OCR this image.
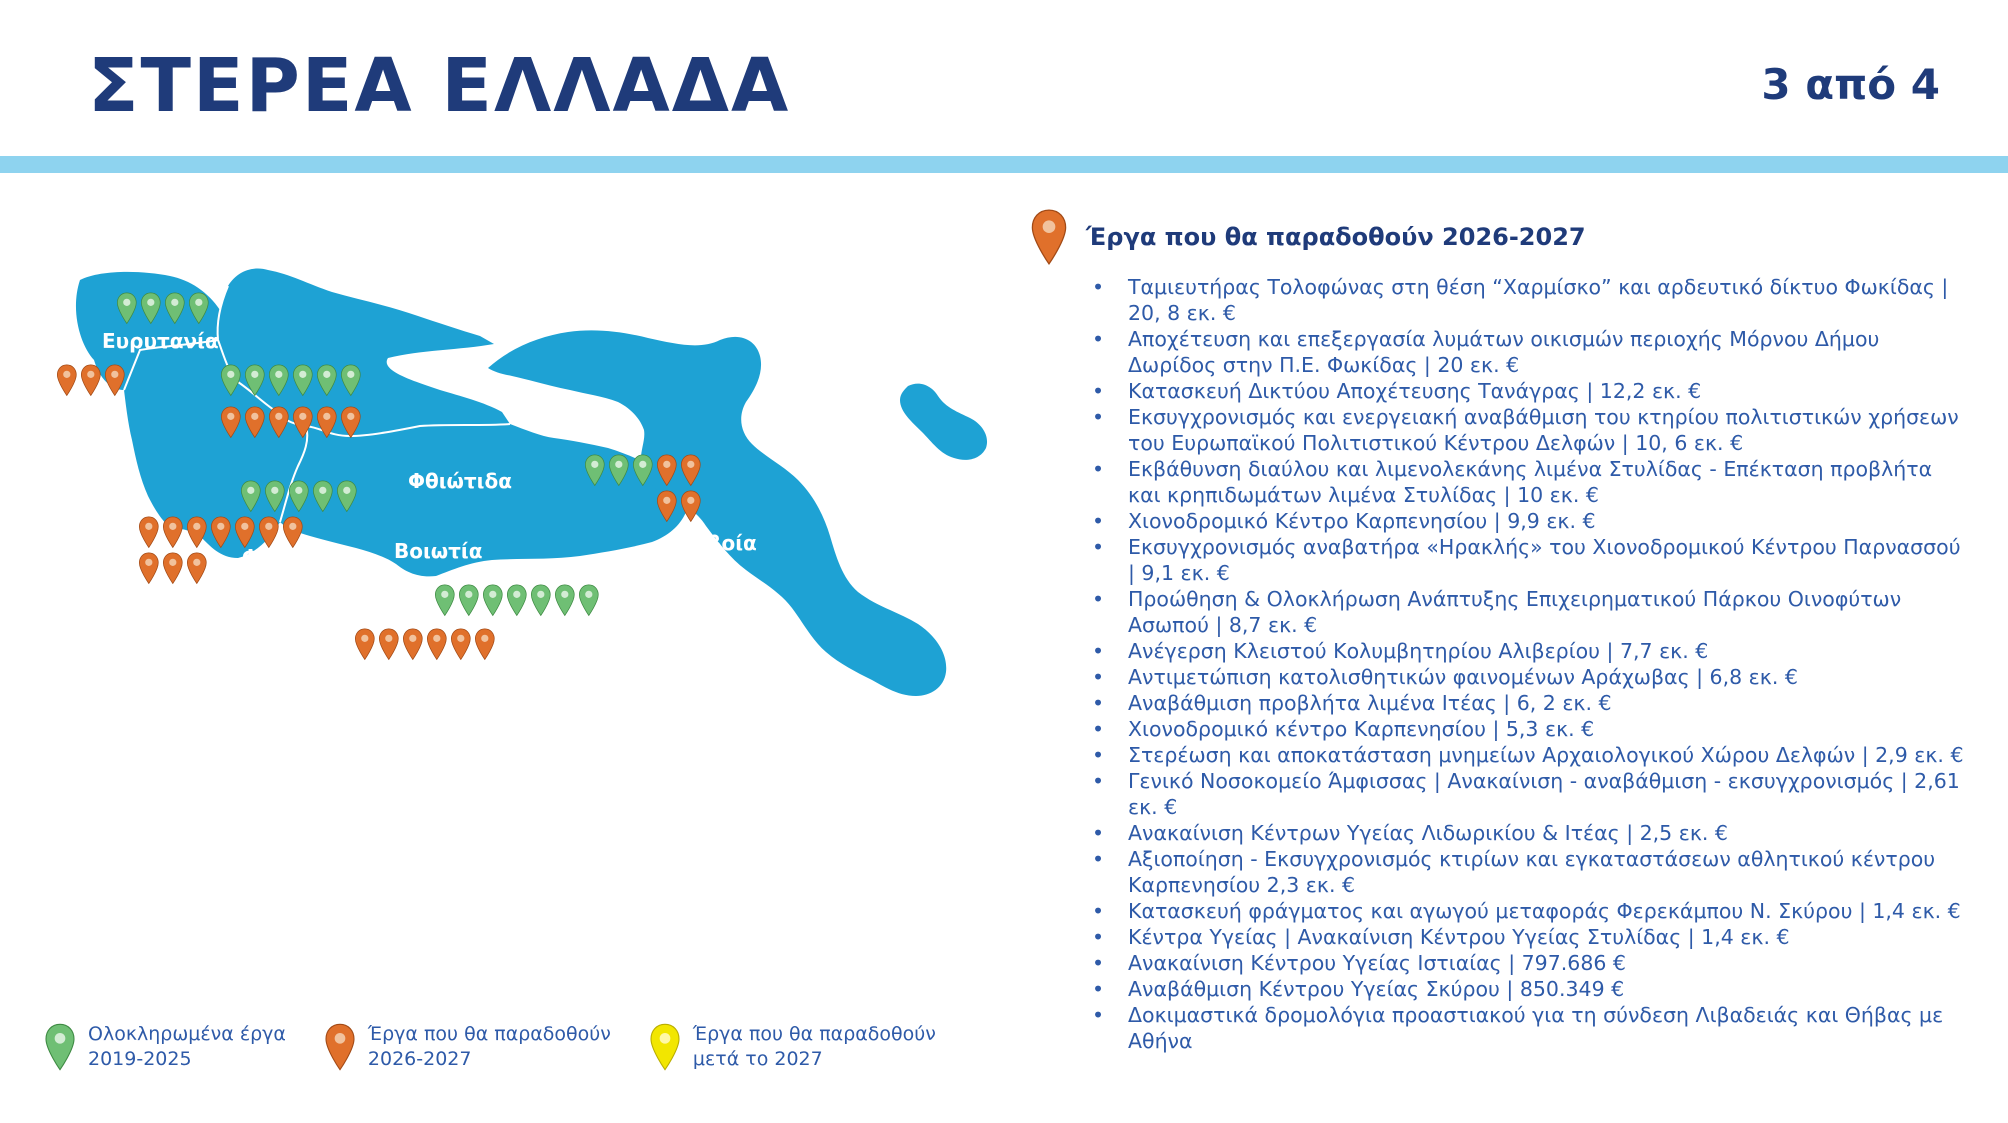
ΣΤΕΡΕΑ ΕΛΛΑΔΑ	3 από 4
Ευρυτανία
Φθιώτιδα
Φωκίδα	Βοιωτία	Ευβοία
Έργα που θα παραδοθούν 2026-2027
• Ταμιευτήρας Τολοφώνας στη θέση “Χαρμίσκο” και αρδευτικό δίκτυο Φωκίδας | 20, 8 εκ. €
• Αποχέτευση και επεξεργασία λυμάτων οικισμών περιοχής Μόρνου Δήμου Δωρίδος στην Π.Ε. Φωκίδας | 20 εκ. €
• Κατασκευή Δικτύου Αποχέτευσης Τανάγρας | 12,2 εκ. €
• Εκσυγχρονισμός και ενεργειακή αναβάθμιση του κτηρίου πολιτιστικών χρήσεων του Ευρωπαϊκού Πολιτιστικού Κέντρου Δελφών | 10, 6 εκ. €
• Εκβάθυνση διαύλου και λιμενολεκάνης λιμένα Στυλίδας - Επέκταση προβλήτα και κρηπιδωμάτων λιμένα Στυλίδας | 10 εκ. €
• Χιονοδρομικό Κέντρο Καρπενησίου | 9,9 εκ. €
• Εκσυγχρονισμός αναβατήρα «Ηρακλής» του Χιονοδρομικού Κέντρου Παρνασσού | 9,1 εκ. €
• Προώθηση & Ολοκλήρωση Ανάπτυξης Επιχειρηματικού Πάρκου Οινοφύτων Ασωπού | 8,7 εκ. €
• Ανέγερση Κλειστού Κολυμβητηρίου Αλιβερίου | 7,7 εκ. €
• Αντιμετώπιση κατολισθητικών φαινομένων Αράχωβας | 6,8 εκ. €
• Αναβάθμιση προβλήτα λιμένα Ιτέας | 6, 2 εκ. €
• Χιονοδρομικό κέντρο Καρπενησίου | 5,3 εκ. €
• Στερέωση και αποκατάσταση μνημείων Αρχαιολογικού Χώρου Δελφών | 2,9 εκ. €
• Γενικό Νοσοκομείο Άμφισσας | Ανακαίνιση - αναβάθμιση - εκσυγχρονισμός | 2,61 εκ. €
• Ανακαίνιση Κέντρων Υγείας Λιδωρικίου & Ιτέας | 2,5 εκ. €
• Αξιοποίηση - Εκσυγχρονισμός κτιρίων και εγκαταστάσεων αθλητικού κέντρου Καρπενησίου 2,3 εκ. €
• Κατασκευή φράγματος και αγωγού μεταφοράς Φερεκάμπου Ν. Σκύρου | 1,4 εκ. €
• Κέντρα Υγείας | Ανακαίνιση Κέντρου Υγείας Στυλίδας | 1,4 εκ. €
• Ανακαίνιση Κέντρου Υγείας Ιστιαίας | 797.686 €
• Αναβάθμιση Κέντρου Υγείας Σκύρου | 850.349 €
• Δοκιμαστικά δρομολόγια προαστιακού για τη σύνδεση Λιβαδειάς και Θήβας με Αθήνα
Ολοκληρωμένα έργα
2019-2025
Έργα που θα παραδοθούν
2026-2027
Έργα που θα παραδοθούν
μετά το 2027
